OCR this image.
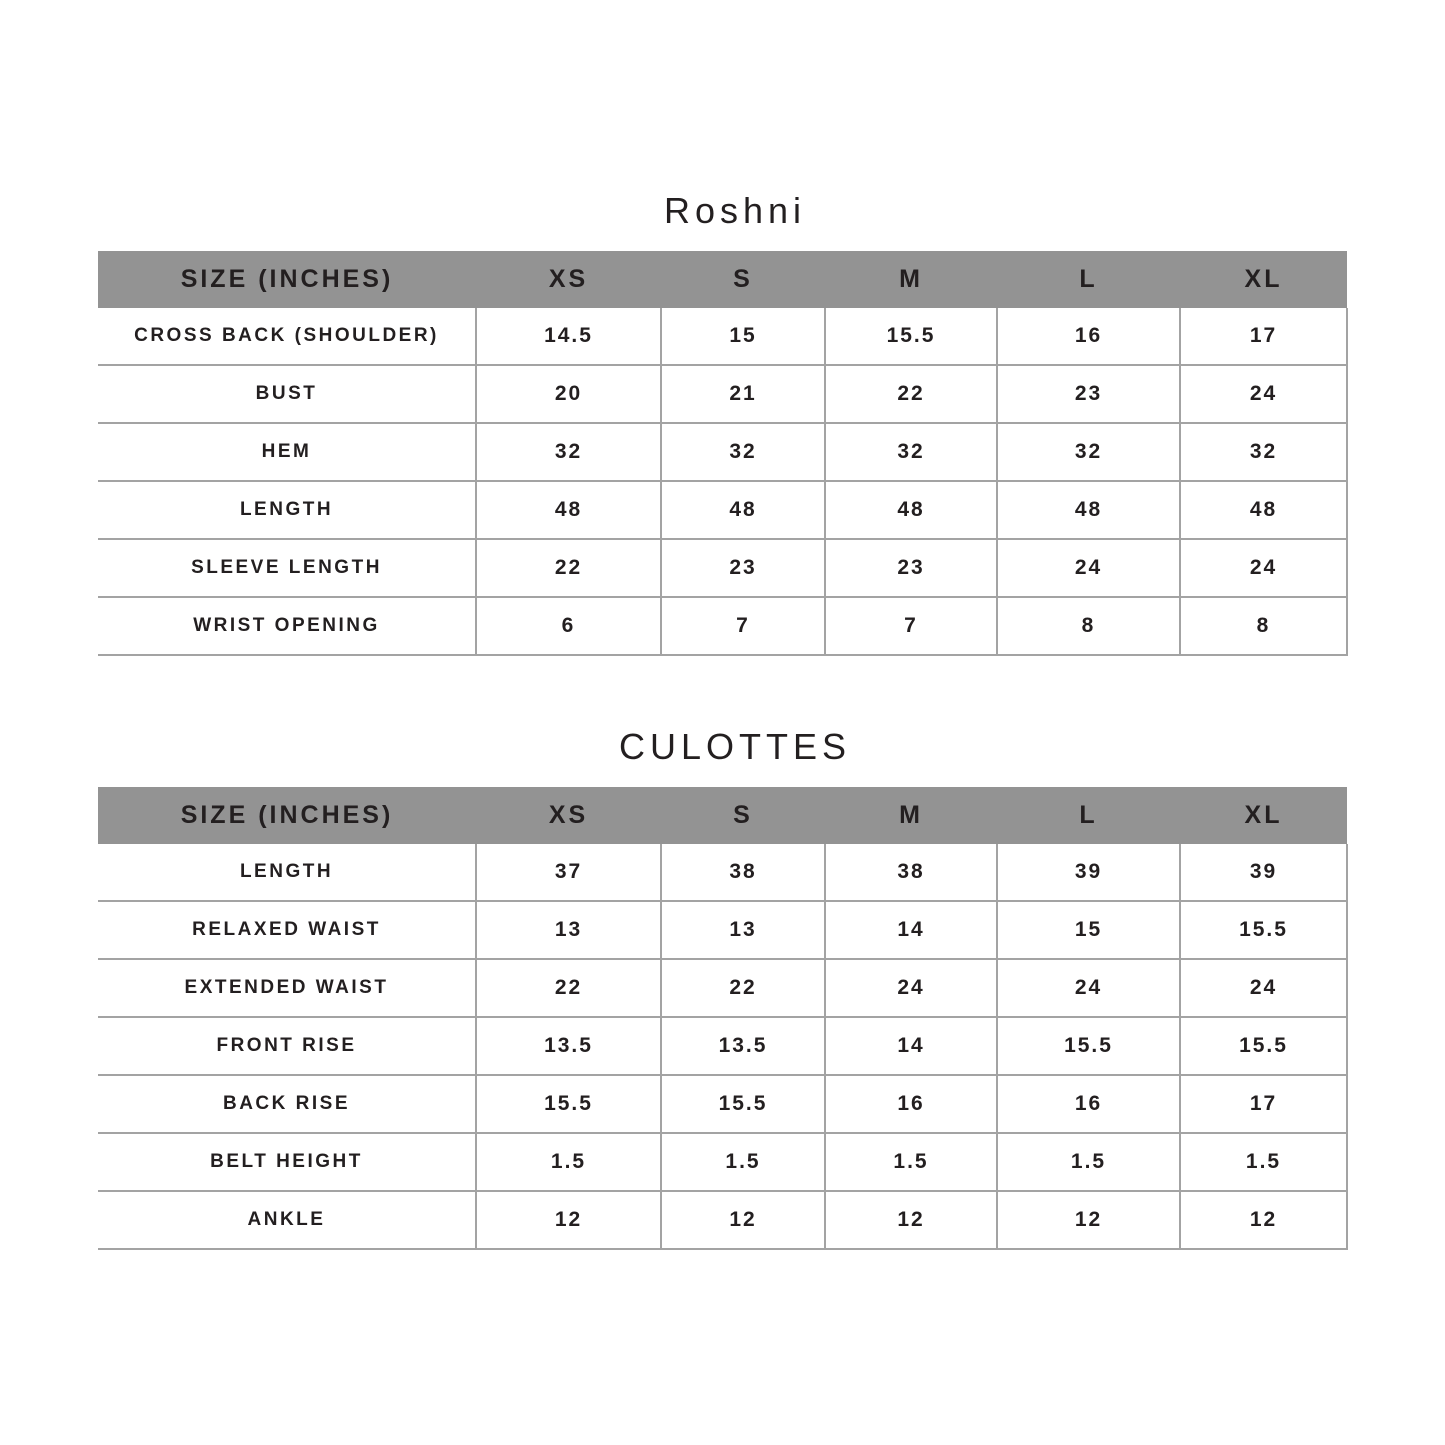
Roshni
SIZE (INCHES)	XS	S	M	L	XL
CROSS BACK (SHOULDER)	14.5	15	15.5	16	17
BUST	20	21	22	23	24
HEM	32	32	32	32	32
LENGTH	48	48	48	48	48
SLEEVE LENGTH	22	23	23	24	24
WRIST OPENING	6	7	7	8	8
CULOTTES
SIZE (INCHES)	XS	S	M	L	XL
LENGTH	37	38	38	39	39
RELAXED WAIST	13	13	14	15	15.5
EXTENDED WAIST	22	22	24	24	24
FRONT RISE	13.5	13.5	14	15.5	15.5
BACK RISE	15.5	15.5	16	16	17
BELT HEIGHT	1.5	1.5	1.5	1.5	1.5
ANKLE	12	12	12	12	12
